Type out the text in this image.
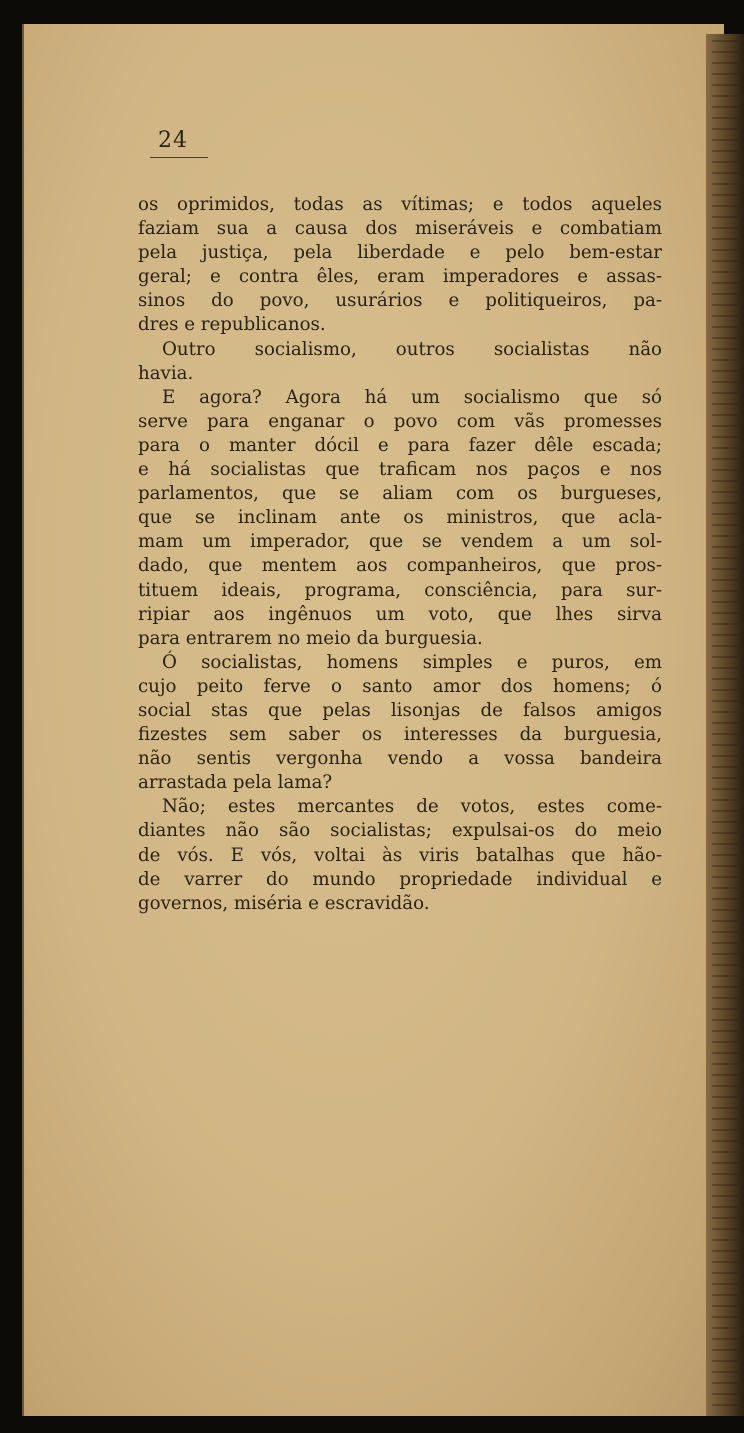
24
os oprimidos, todas as vítimas; e todos aqueles
faziam sua a causa dos miseráveis e combatiam
pela justiça, pela liberdade e pelo bem-estar
geral; e contra êles, eram imperadores e assas-
sinos do povo, usurários e politiqueiros, pa-
dres e republicanos.
Outro socialismo, outros socialistas não
havia.
E agora? Agora há um socialismo que só
serve para enganar o povo com vãs promesses
para o manter dócil e para fazer dêle escada;
e há socialistas que traficam nos paços e nos
parlamentos, que se aliam com os burgueses,
que se inclinam ante os ministros, que acla-
mam um imperador, que se vendem a um sol-
dado, que mentem aos companheiros, que pros-
tituem ideais, programa, consciência, para sur-
ripiar aos ingênuos um voto, que lhes sirva
para entrarem no meio da burguesia.
Ó socialistas, homens simples e puros, em
cujo peito ferve o santo amor dos homens; ó
social stas que pelas lisonjas de falsos amigos
fizestes sem saber os interesses da burguesia,
não sentis vergonha vendo a vossa bandeira
arrastada pela lama?
Não; estes mercantes de votos, estes come-
diantes não são socialistas; expulsai-os do meio
de vós. E vós, voltai às viris batalhas que hão-
de varrer do mundo propriedade individual e
governos, miséria e escravidão.
